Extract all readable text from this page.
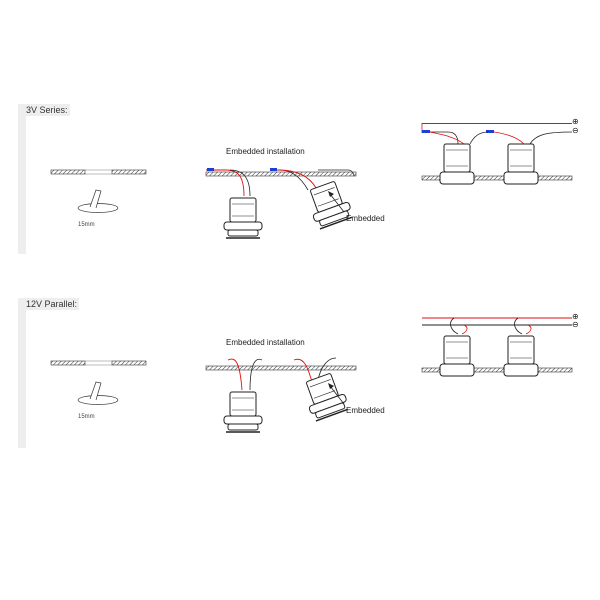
3V Series:
15mm
Embedded installation
Embedded
⊕
⊖
12V Parallel:
15mm
Embedded installation
Embedded
⊕
⊖
